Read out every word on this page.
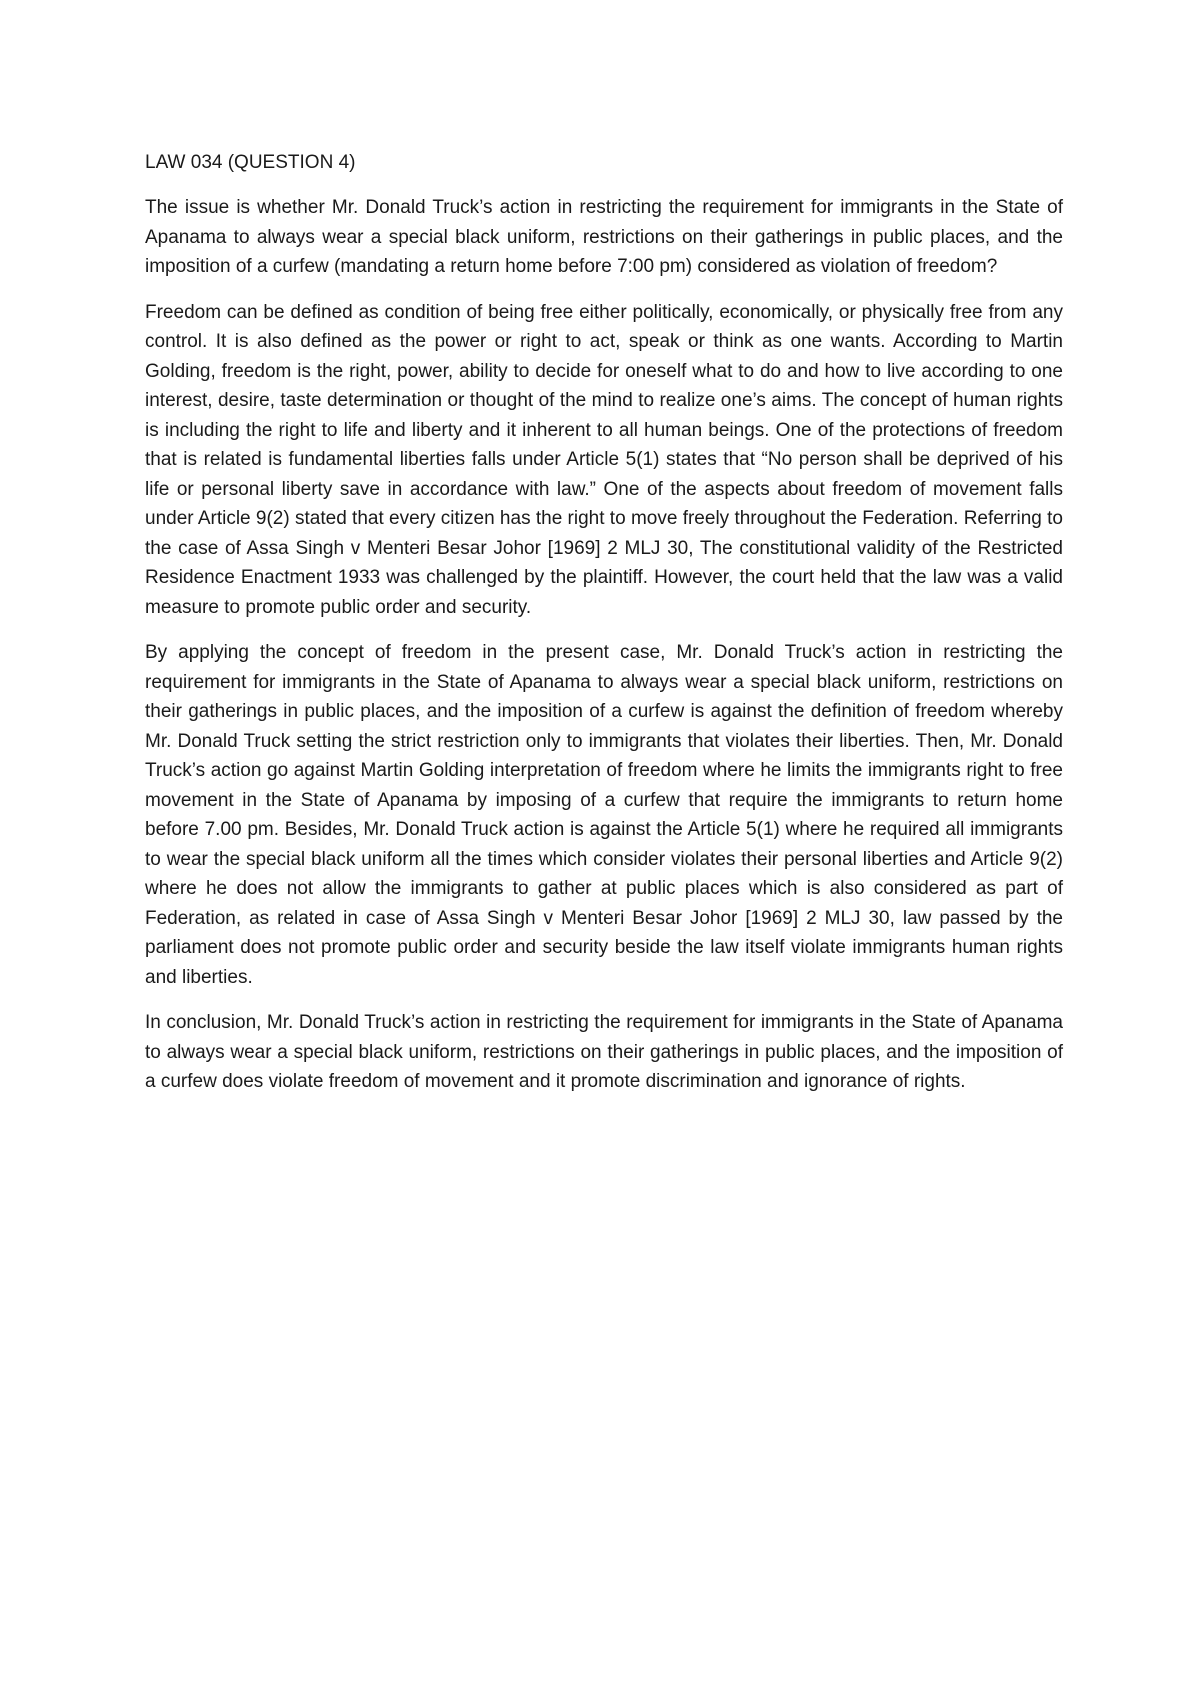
LAW 034 (QUESTION 4)

The issue is whether Mr. Donald Truck’s action in restricting the requirement for immigrants in the State of Apanama to always wear a special black uniform, restrictions on their gatherings in public places, and the imposition of a curfew (mandating a return home before 7:00 pm) considered as violation of freedom?

Freedom can be defined as condition of being free either politically, economically, or physically free from any control. It is also defined as the power or right to act, speak or think as one wants. According to Martin Golding, freedom is the right, power, ability to decide for oneself what to do and how to live according to one interest, desire, taste determination or thought of the mind to realize one’s aims. The concept of human rights is including the right to life and liberty and it inherent to all human beings. One of the protections of freedom that is related is fundamental liberties falls under Article 5(1) states that “No person shall be deprived of his life or personal liberty save in accordance with law.” One of the aspects about freedom of movement falls under Article 9(2) stated that every citizen has the right to move freely throughout the Federation. Referring to the case of Assa Singh v Menteri Besar Johor [1969] 2 MLJ 30, The constitutional validity of the Restricted Residence Enactment 1933 was challenged by the plaintiff. However, the court held that the law was a valid measure to promote public order and security.

By applying the concept of freedom in the present case, Mr. Donald Truck’s action in restricting the requirement for immigrants in the State of Apanama to always wear a special black uniform, restrictions on their gatherings in public places, and the imposition of a curfew is against the definition of freedom whereby Mr. Donald Truck setting the strict restriction only to immigrants that violates their liberties. Then, Mr. Donald Truck’s action go against Martin Golding interpretation of freedom where he limits the immigrants right to free movement in the State of Apanama by imposing of a curfew that require the immigrants to return home before 7.00 pm. Besides, Mr. Donald Truck action is against the Article 5(1) where he required all immigrants to wear the special black uniform all the times which consider violates their personal liberties and Article 9(2) where he does not allow the immigrants to gather at public places which is also considered as part of Federation, as related in case of Assa Singh v Menteri Besar Johor [1969] 2 MLJ 30, law passed by the parliament does not promote public order and security beside the law itself violate immigrants human rights and liberties.

In conclusion, Mr. Donald Truck’s action in restricting the requirement for immigrants in the State of Apanama to always wear a special black uniform, restrictions on their gatherings in public places, and the imposition of a curfew does violate freedom of movement and it promote discrimination and ignorance of rights.
